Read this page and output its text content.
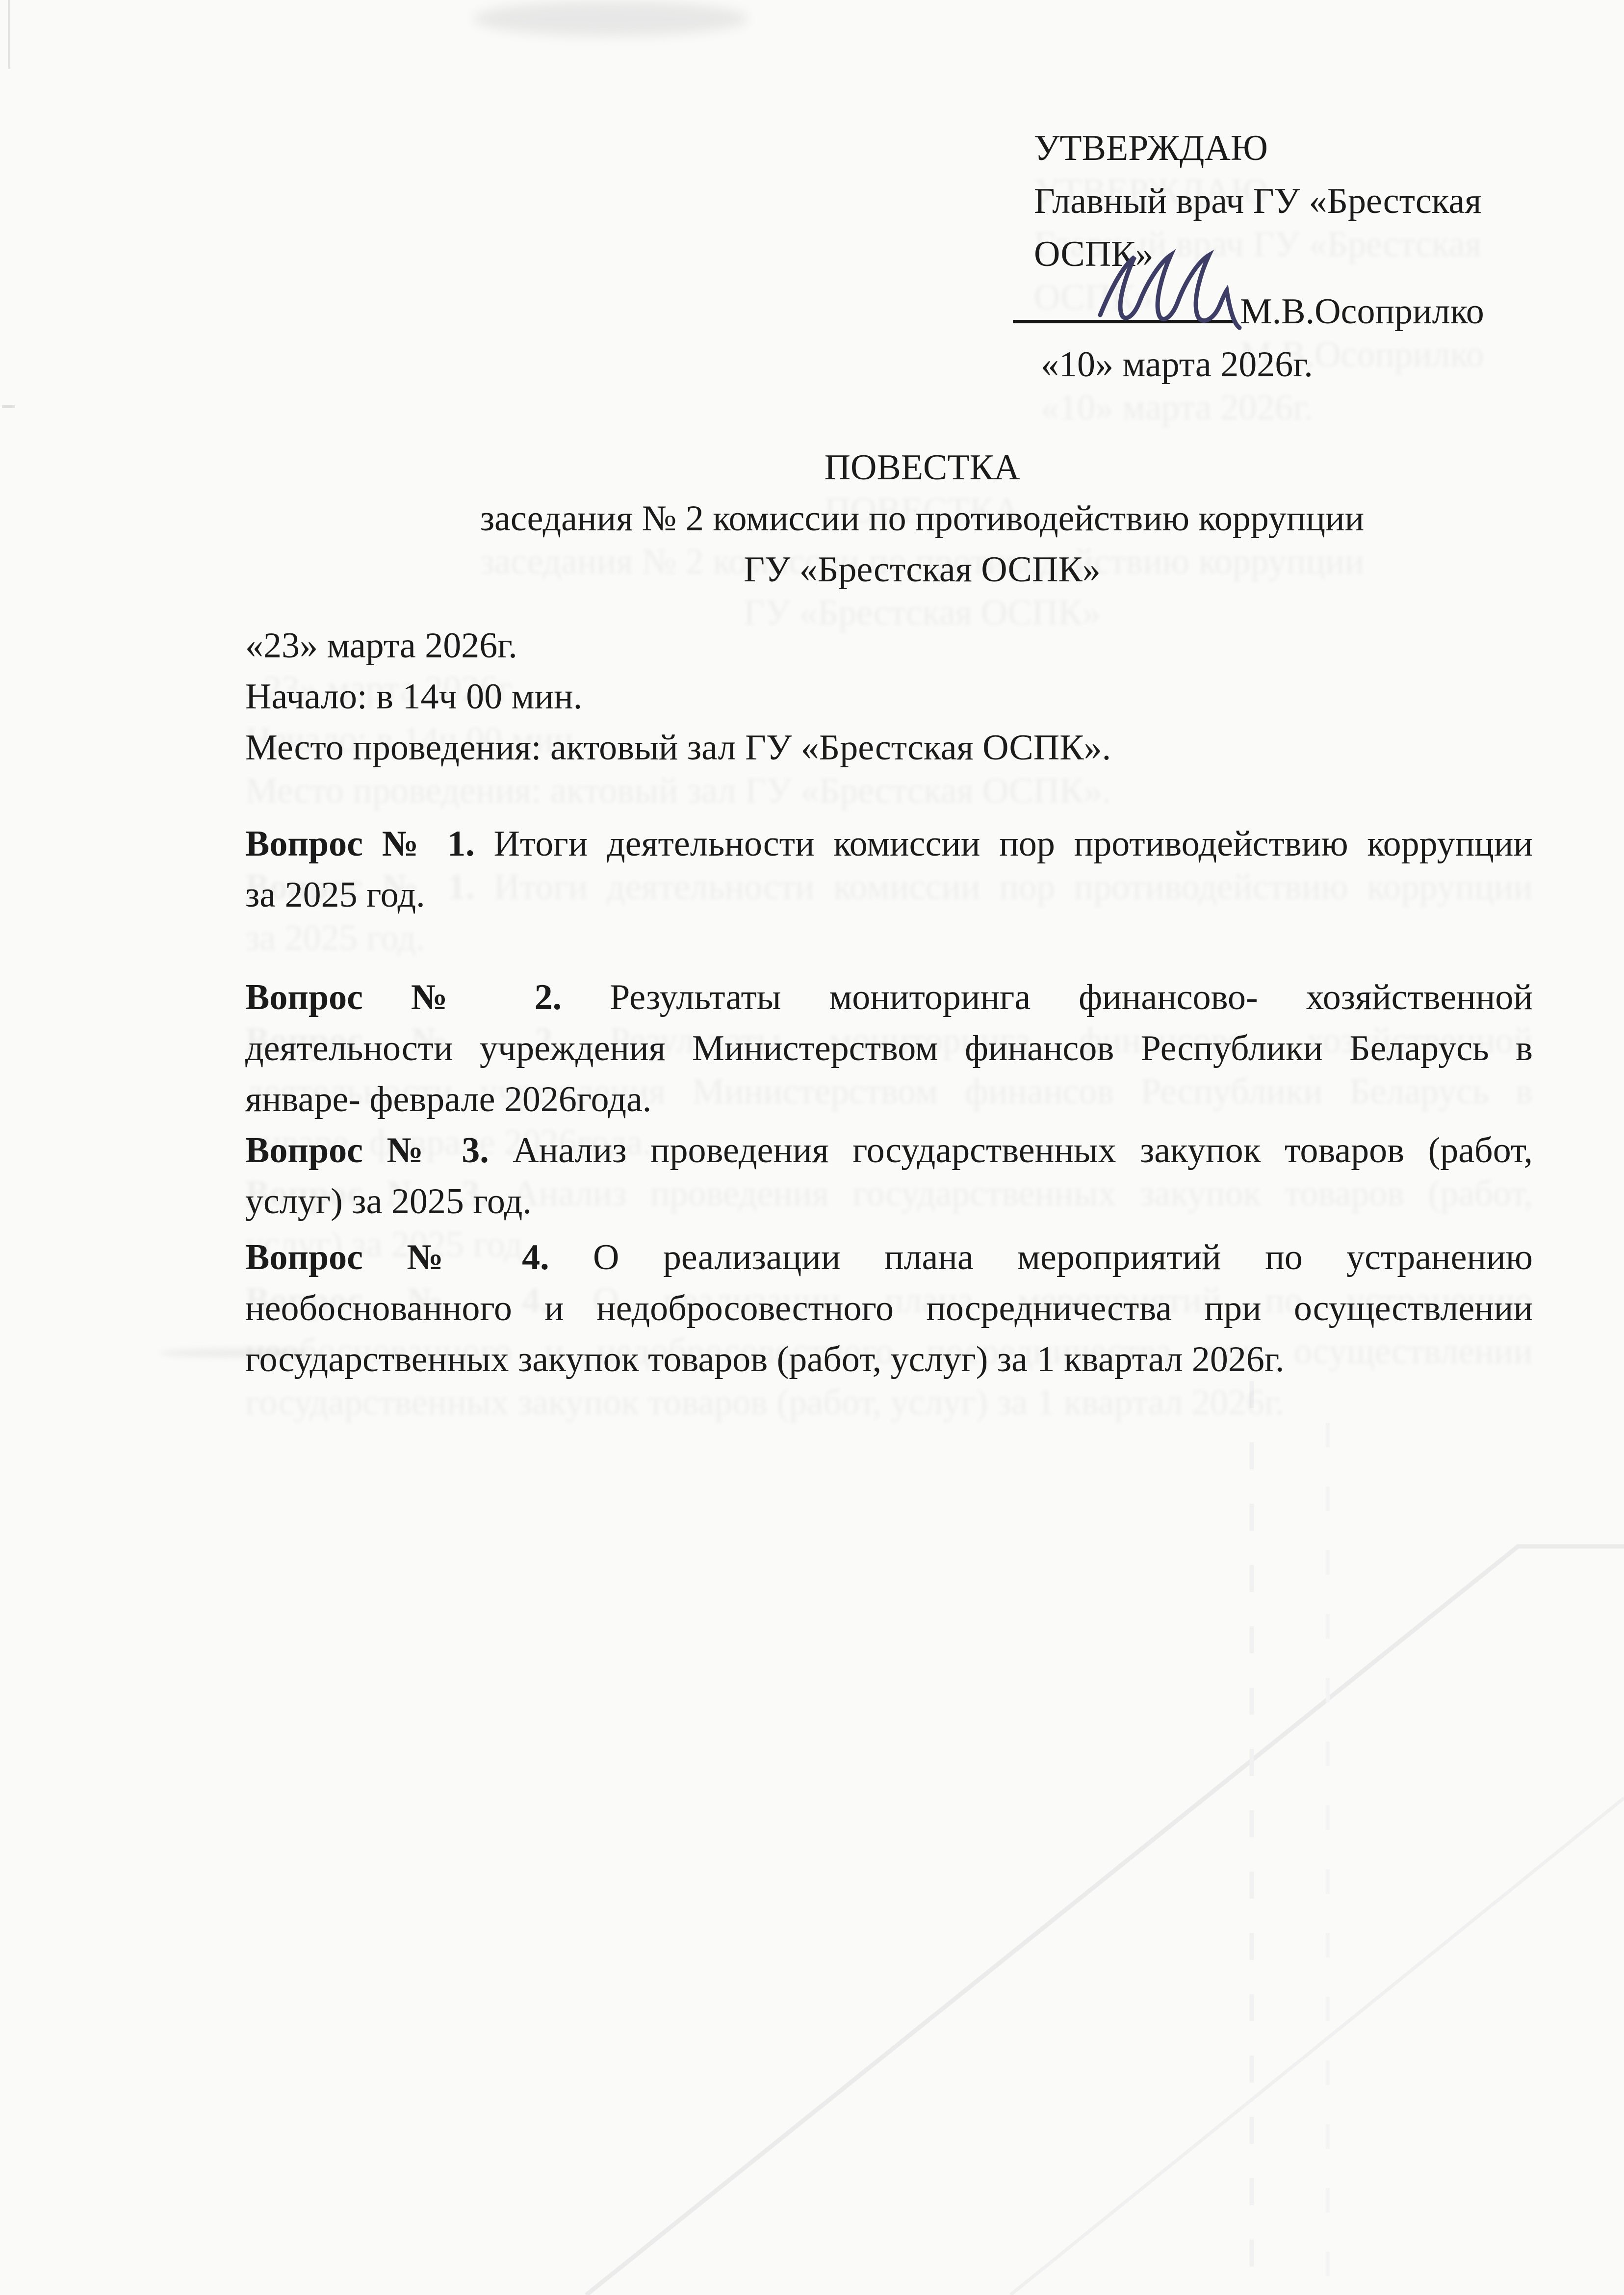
УТВЕРЖДАЮ
Главный врач ГУ «Брестская
ОСПК»
М.В.Осоприлко
«10» марта 2026г.
ПОВЕСТКА
заседания № 2 комиссии по противодействию коррупции
ГУ «Брестская ОСПК»
«23» марта 2026г.
Начало: в 14ч 00 мин.
Место проведения: актовый зал ГУ «Брестская ОСПК».
Вопрос № 1. Итоги деятельности комиссии пор противодействию коррупции
за 2025 год.
Вопрос № 2. Результаты мониторинга финансово- хозяйственной
деятельности учреждения Министерством финансов Республики Беларусь в
январе- феврале 2026года.
Вопрос № 3. Анализ проведения государственных закупок товаров (работ,
услуг) за 2025 год.
Вопрос № 4. О реализации плана мероприятий по устранению
необоснованного и недобросовестного посредничества при осуществлении
государственных закупок товаров (работ, услуг) за 1 квартал 2026г.
